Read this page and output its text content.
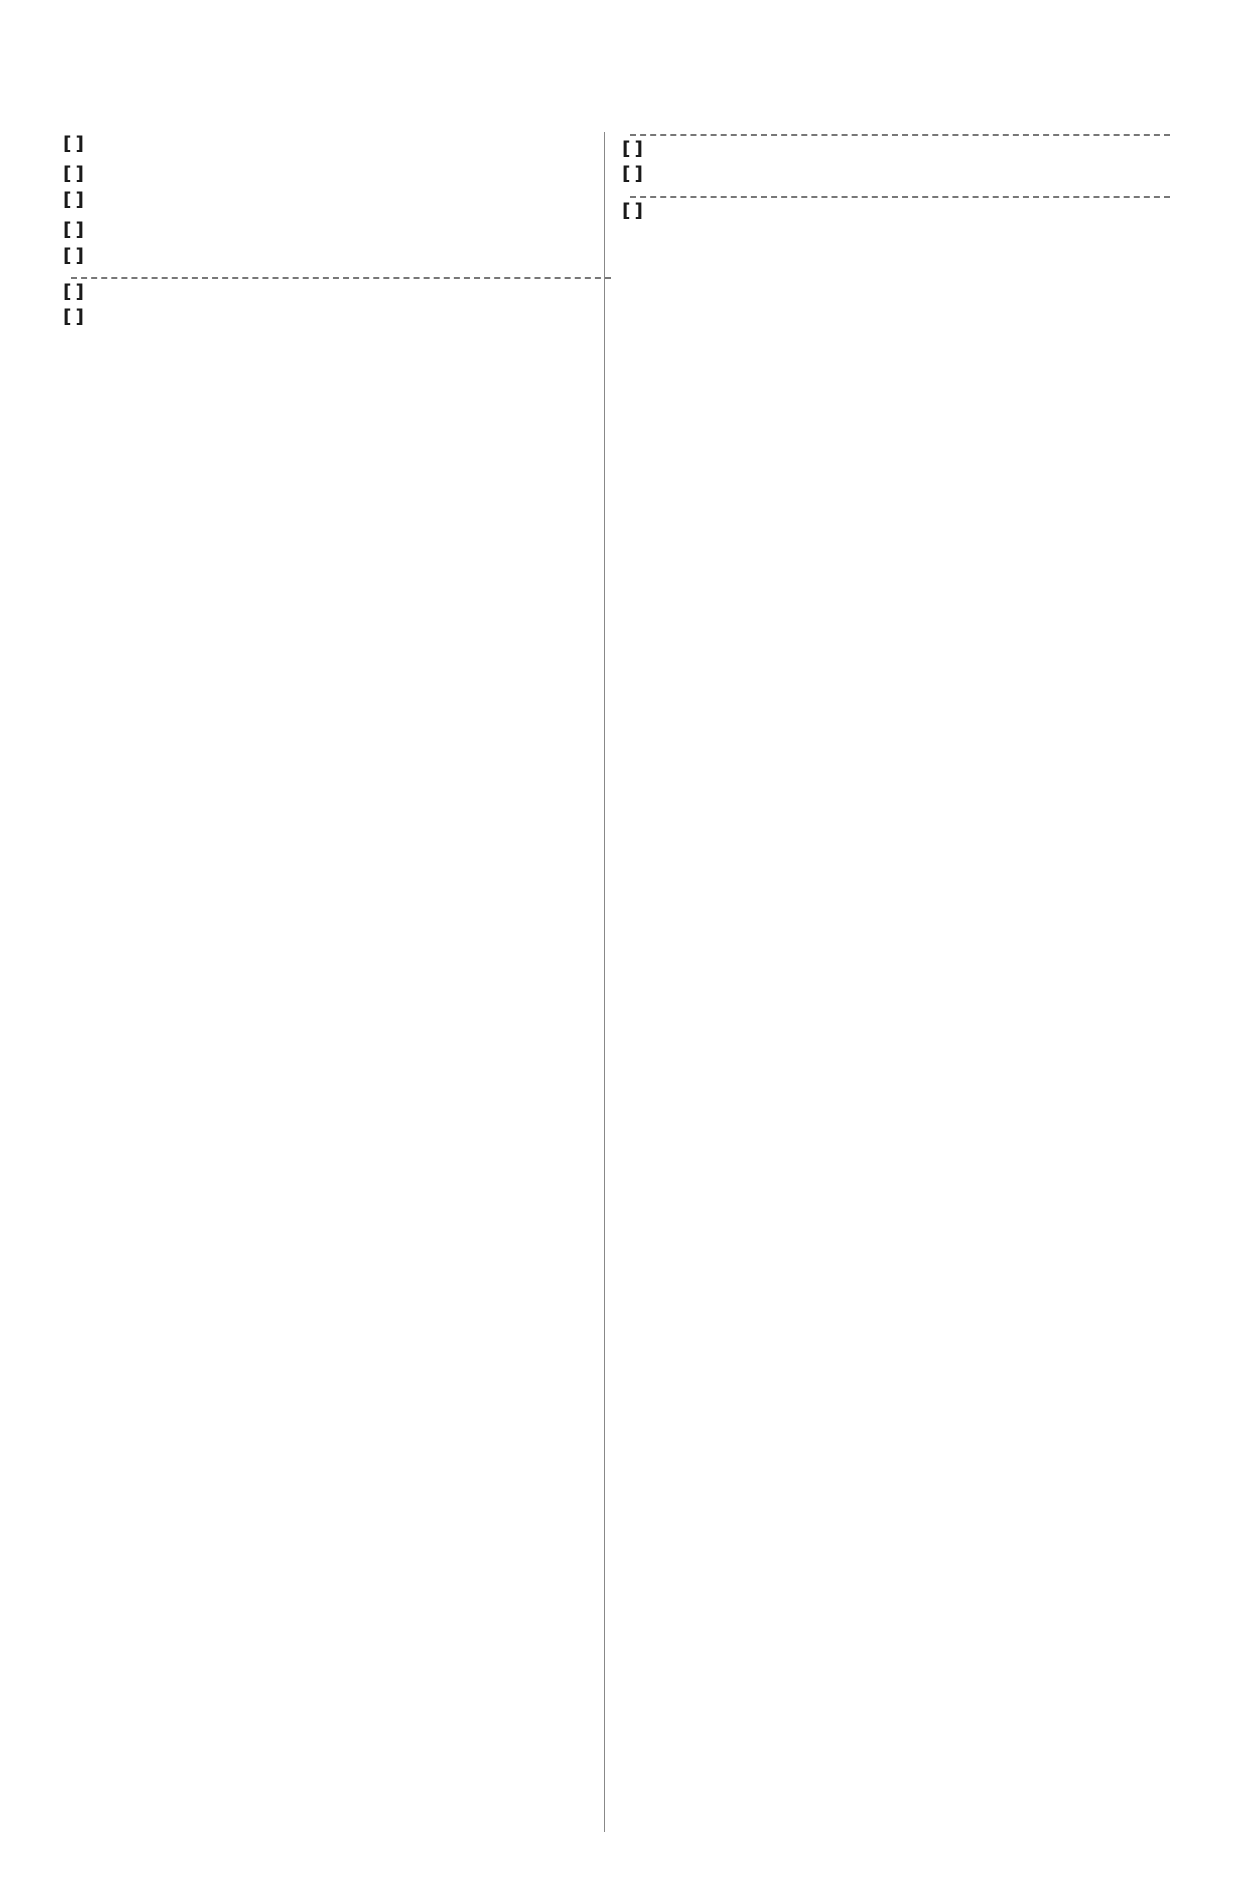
[ ]
[ ]
[ ]
[ ]
[ ]
[ ]
[ ]
[ ]
[ ]
[ ]
